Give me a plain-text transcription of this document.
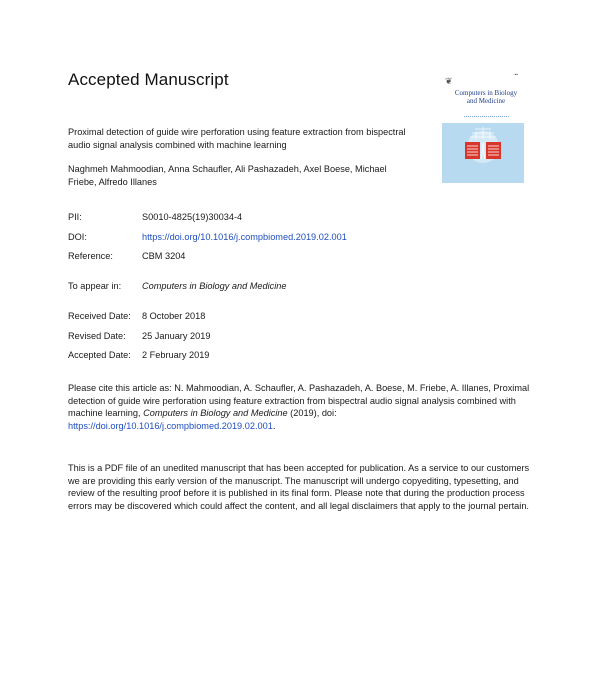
Accepted Manuscript	❦
▪▪
Computers in Biology and Medicine
Proximal detection of guide wire perforation using feature extraction from bispectral audio signal analysis combined with machine learning
Naghmeh Mahmoodian, Anna Schaufler, Ali Pashazadeh, Axel Boese, Michael Friebe, Alfredo Illanes
PII:	S0010-4825(19)30034-4
DOI:	https://doi.org/10.1016/j.compbiomed.2019.02.001
Reference:	CBM 3204
To appear in: Computers in Biology and Medicine
Received Date: 8 October 2018
Revised Date: 25 January 2019
Accepted Date: 2 February 2019
Please cite this article as: N. Mahmoodian, A. Schaufler, A. Pashazadeh, A. Boese, M. Friebe, A. Illanes, Proximal detection of guide wire perforation using feature extraction from bispectral audio signal analysis combined with machine learning, Computers in Biology and Medicine (2019), doi: https://doi.org/10.1016/j.compbiomed.2019.02.001.
This is a PDF file of an unedited manuscript that has been accepted for publication. As a service to our customers we are providing this early version of the manuscript. The manuscript will undergo copyediting, typesetting, and review of the resulting proof before it is published in its final form. Please note that during the production process errors may be discovered which could affect the content, and all legal disclaimers that apply to the journal pertain.
